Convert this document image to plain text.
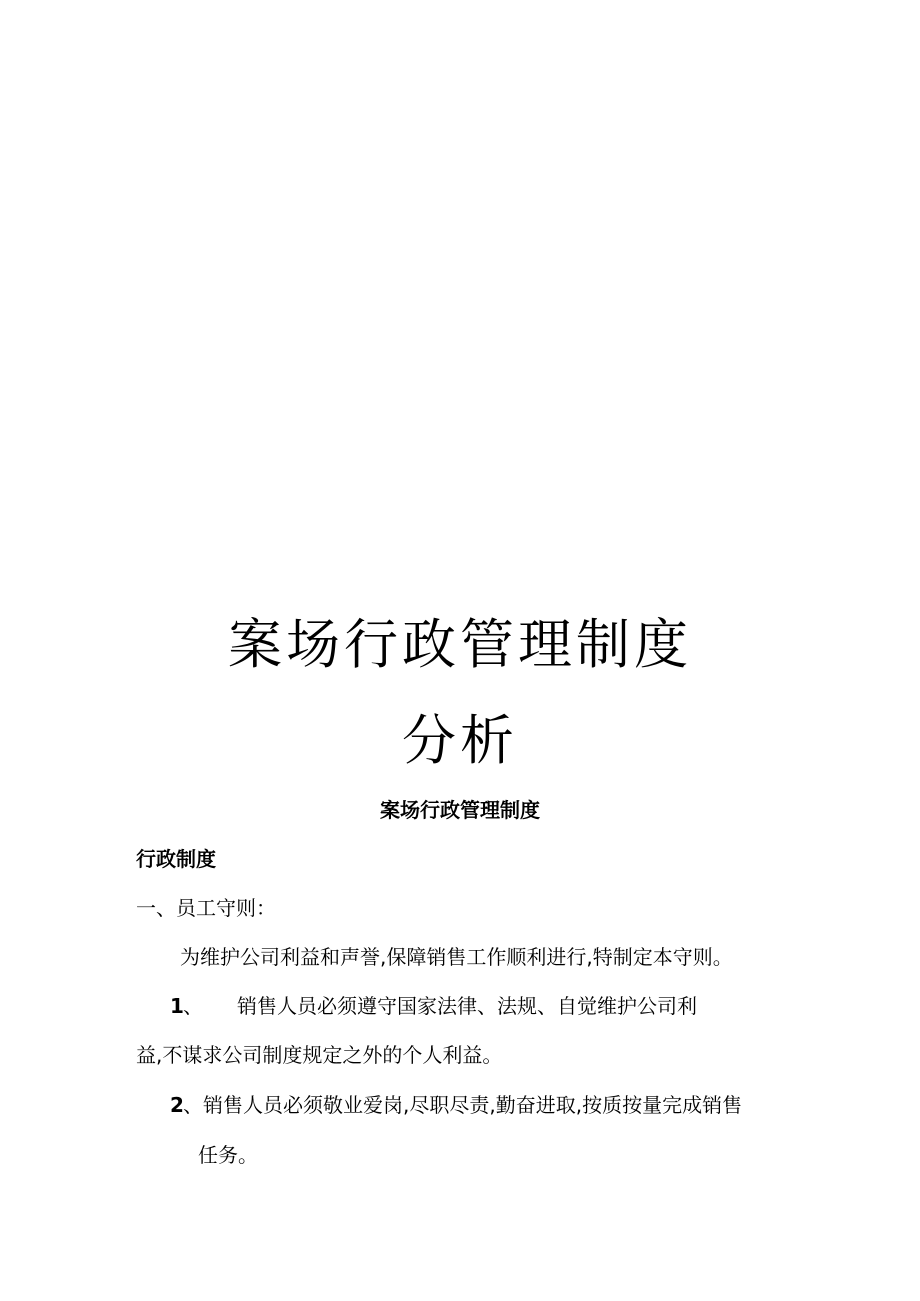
案场行政管理制度
分析
案场行政管理制度
行政制度
一、员工守则：
为维护公司利益和声誉,保障销售工作顺利进行,特制定本守则。
1 、 销售人员必须遵守国家法律、法规、自觉维护公司利
益,不谋求公司制度规定之外的个人利益。
2 、销售人员必须敬业爱岗,尽职尽责,勤奋进取,按质按量完成销售
任务。
